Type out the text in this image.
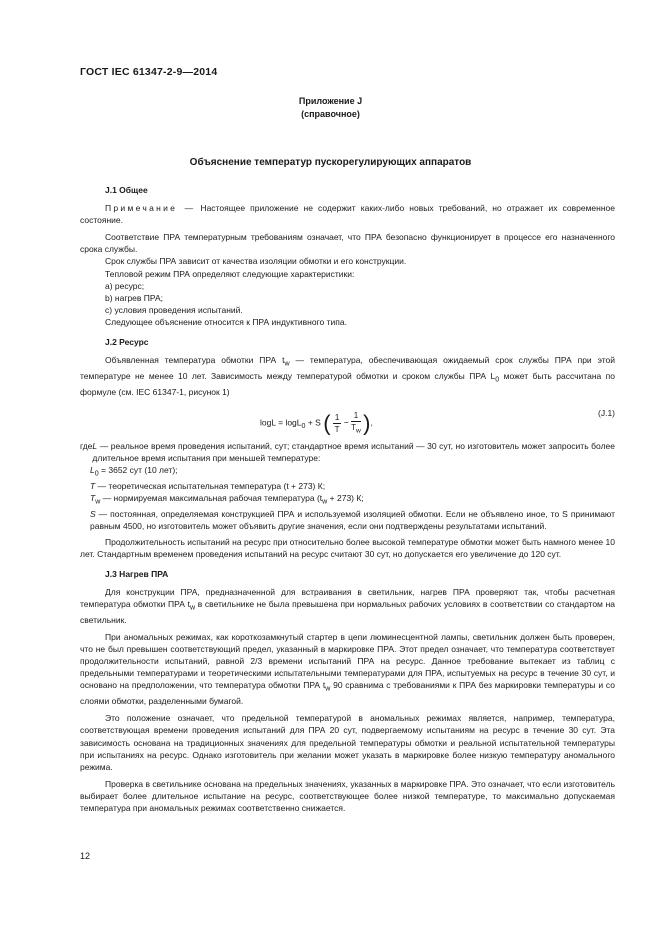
ГОСТ IEC 61347-2-9—2014
Приложение J
(справочное)
Объяснение температур пускорегулирующих аппаратов

J.1 Общее

Примечание — Настоящее приложение не содержит каких-либо новых требований, но отражает их современное состояние.

Соответствие ПРА температурным требованиям означает, что ПРА безопасно функционирует в процессе его назначенного срока службы.

Срок службы ПРА зависит от качества изоляции обмотки и его конструкции.

Тепловой режим ПРА определяют следующие характеристики:

a) ресурс;

b) нагрев ПРА;

c) условия проведения испытаний.

Следующее объяснение относится к ПРА индуктивного типа.

J.2 Ресурс

Объявленная температура обмотки ПРА $t_w$ — температура, обеспечивающая ожидаемый срок службы ПРА при этой температуре не менее 10 лет. Зависимость между температурой обмотки и сроком службы ПРА $L_0$ может быть рассчитана по формуле (см. IEC 61347-1, рисунок 1)

logL = logL$_0$ + S ( $\frac{1}{T} - \frac{1}{T_w}$ ),
(J.1)
где L — реальное время проведения испытаний, сут; стандартное время испытаний — 30 сут, но изготовитель может запросить более длительное время испытания при меньшей температуре:
$L_0 = 3652$ сут (10 лет);
T — теоретическая испытательная температура (t + 273) К;
$T_w$ — нормируемая максимальная рабочая температура $(t_w + 273)$ К;
S — постоянная, определяемая конструкцией ПРА и используемой изоляцией обмотки. Если не объявлено иное, то S принимают равным 4500, но изготовитель может объявить другие значения, если они подтверждены результатами испытаний.

Продолжительность испытаний на ресурс при относительно более высокой температуре обмотки может быть намного менее 10 лет. Стандартным временем проведения испытаний на ресурс считают 30 сут, но допускается его увеличение до 120 сут.

J.3 Нагрев ПРА

Для конструкции ПРА, предназначенной для встраивания в светильник, нагрев ПРА проверяют так, чтобы расчетная температура обмотки ПРА $t_w$ в светильнике не была превышена при нормальных рабочих условиях в соответствии со стандартом на светильник.

При аномальных режимах, как короткозамкнутый стартер в цепи люминесцентной лампы, светильник должен быть проверен, что не был превышен соответствующий предел, указанный в маркировке ПРА. Этот предел означает, что температура соответствует продолжительности испытаний, равной 2/3 времени испытаний ПРА на ресурс. Данное требование вытекает из таблиц с предельными температурами и теоретическими испытательными температурами для ПРА, испытуемых на ресурс в течение 30 сут, и основано на предположении, что температура обмотки ПРА $t_w$ 90 сравнима с требованиями к ПРА без маркировки температуры и со слоями обмотки, разделенными бумагой.

Это положение означает, что предельной температурой в аномальных режимах является, например, температура, соответствующая времени проведения испытаний для ПРА 20 сут, подвергаемому испытаниям на ресурс в течение 30 сут. Эта зависимость основана на традиционных значениях для предельной температуры обмотки и реальной испытательной температуры при испытаниях на ресурс. Однако изготовитель при желании может указать в маркировке более низкую температуру аномального режима.

Проверка в светильнике основана на предельных значениях, указанных в маркировке ПРА. Это означает, что если изготовитель выбирает более длительное испытание на ресурс, соответствующее более низкой температуре, то максимально допускаемая температура при аномальных режимах соответственно снижается.

12
